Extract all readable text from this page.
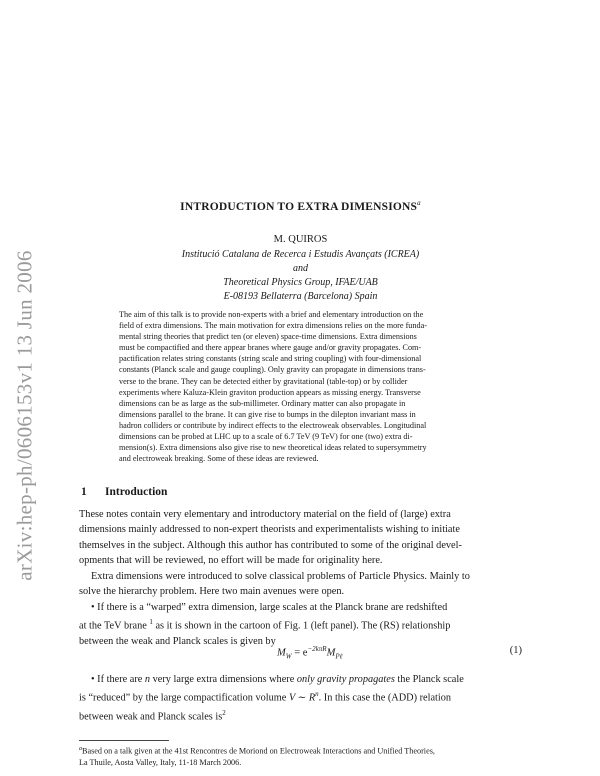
arXiv:hep-ph/0606153v1 13 Jun 2006
INTRODUCTION TO EXTRA DIMENSIONS$^a$
M. QUIROS
Institució Catalana de Recerca i Estudis Avançats (ICREA)
and
Theoretical Physics Group, IFAE/UAB
E-08193 Bellaterra (Barcelona) Spain
The aim of this talk is to provide non-experts with a brief and elementary introduction on the
field of extra dimensions. The main motivation for extra dimensions relies on the more funda-
mental string theories that predict ten (or eleven) space-time dimensions. Extra dimensions
must be compactified and there appear branes where gauge and/or gravity propagates. Com-
pactification relates string constants (string scale and string coupling) with four-dimensional
constants (Planck scale and gauge coupling). Only gravity can propagate in dimensions trans-
verse to the brane. They can be detected either by gravitational (table-top) or by collider
experiments where Kaluza-Klein graviton production appears as missing energy. Transverse
dimensions can be as large as the sub-millimeter. Ordinary matter can also propagate in
dimensions parallel to the brane. It can give rise to bumps in the dilepton invariant mass in
hadron colliders or contribute by indirect effects to the electroweak observables. Longitudinal
dimensions can be probed at LHC up to a scale of 6.7 TeV (9 TeV) for one (two) extra di-
mension(s). Extra dimensions also give rise to new theoretical ideas related to supersymmetry
and electroweak breaking. Some of these ideas are reviewed.
1 Introduction
These notes contain very elementary and introductory material on the field of (large) extra
dimensions mainly addressed to non-expert theorists and experimentalists wishing to initiate
themselves in the subject. Although this author has contributed to some of the original devel-
opments that will be reviewed, no effort will be made for originality here.
Extra dimensions were introduced to solve classical problems of Particle Physics. Mainly to
solve the hierarchy problem. Here two main avenues were open.
• If there is a “warped” extra dimension, large scales at the Planck brane are redshifted
at the TeV brane $^1$ as it is shown in the cartoon of Fig. 1 (left panel). The (RS) relationship
between the weak and Planck scales is given by
$M_W = e^{-2k\pi R}M_{P\ell}$
(1)
• If there are n very large extra dimensions where only gravity propagates the Planck scale
is “reduced” by the large compactification volume V ∼ $R^n$. In this case the (ADD) relation
between weak and Planck scales $is^2$
$^a$Based on a talk given at the 41st Rencontres de Moriond on Electroweak Interactions and Unified Theories,
La Thuile, Aosta Valley, Italy, 11-18 March 2006.
